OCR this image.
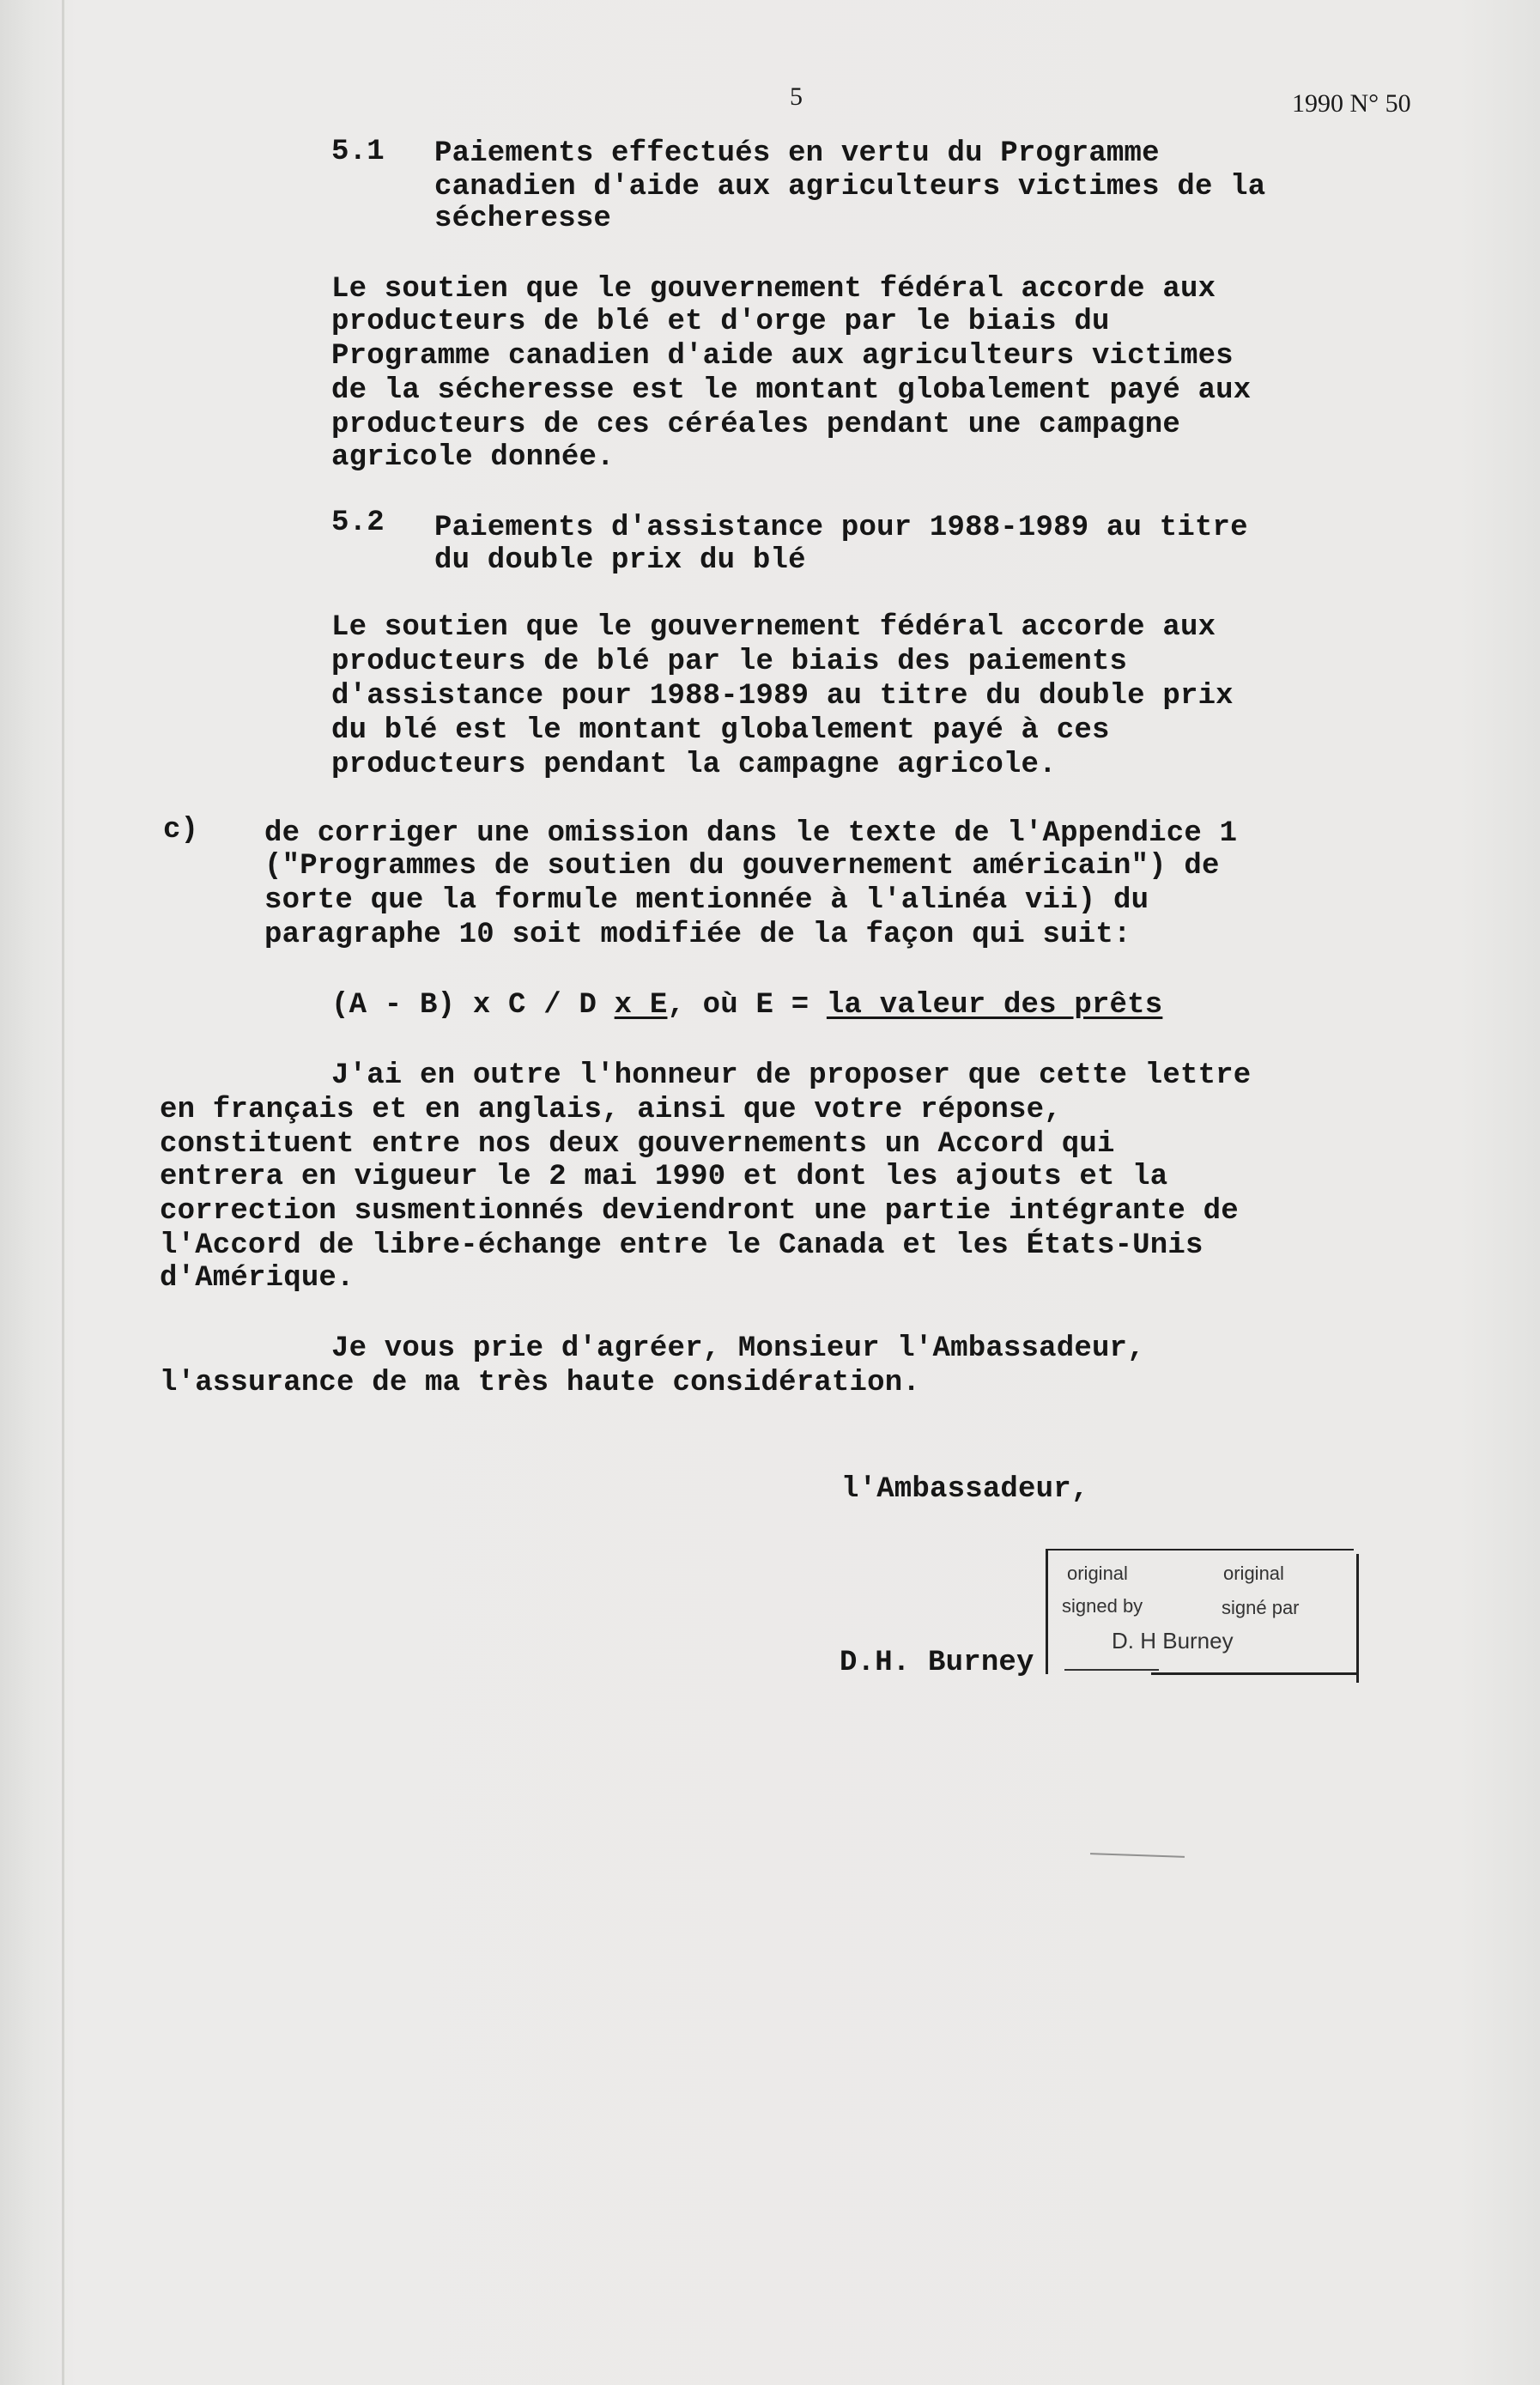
5	1990 N° 50
5.1 Paiements effectués en vertu du Programme
canadien d'aide aux agriculteurs victimes de la
sécheresse
Le soutien que le gouvernement fédéral accorde aux
producteurs de blé et d'orge par le biais du
Programme canadien d'aide aux agriculteurs victimes
de la sécheresse est le montant globalement payé aux
producteurs de ces céréales pendant une campagne
agricole donnée.
5.2 Paiements d'assistance pour 1988-1989 au titre
du double prix du blé
Le soutien que le gouvernement fédéral accorde aux
producteurs de blé par le biais des paiements
d'assistance pour 1988-1989 au titre du double prix
du blé est le montant globalement payé à ces
producteurs pendant la campagne agricole.
c) de corriger une omission dans le texte de l'Appendice 1
("Programmes de soutien du gouvernement américain") de
sorte que la formule mentionnée à l'alinéa vii) du
paragraphe 10 soit modifiée de la façon qui suit:
(A - B) x C / D x E, où E = la valeur des prêts
J'ai en outre l'honneur de proposer que cette lettre
en français et en anglais, ainsi que votre réponse,
constituent entre nos deux gouvernements un Accord qui
entrera en vigueur le 2 mai 1990 et dont les ajouts et la
correction susmentionnés deviendront une partie intégrante de
l'Accord de libre-échange entre le Canada et les États-Unis
d'Amérique.
Je vous prie d'agréer, Monsieur l'Ambassadeur,
l'assurance de ma très haute considération.
l'Ambassadeur,
D.H. Burney
original	original
signed by	signé par
D. H Burney
